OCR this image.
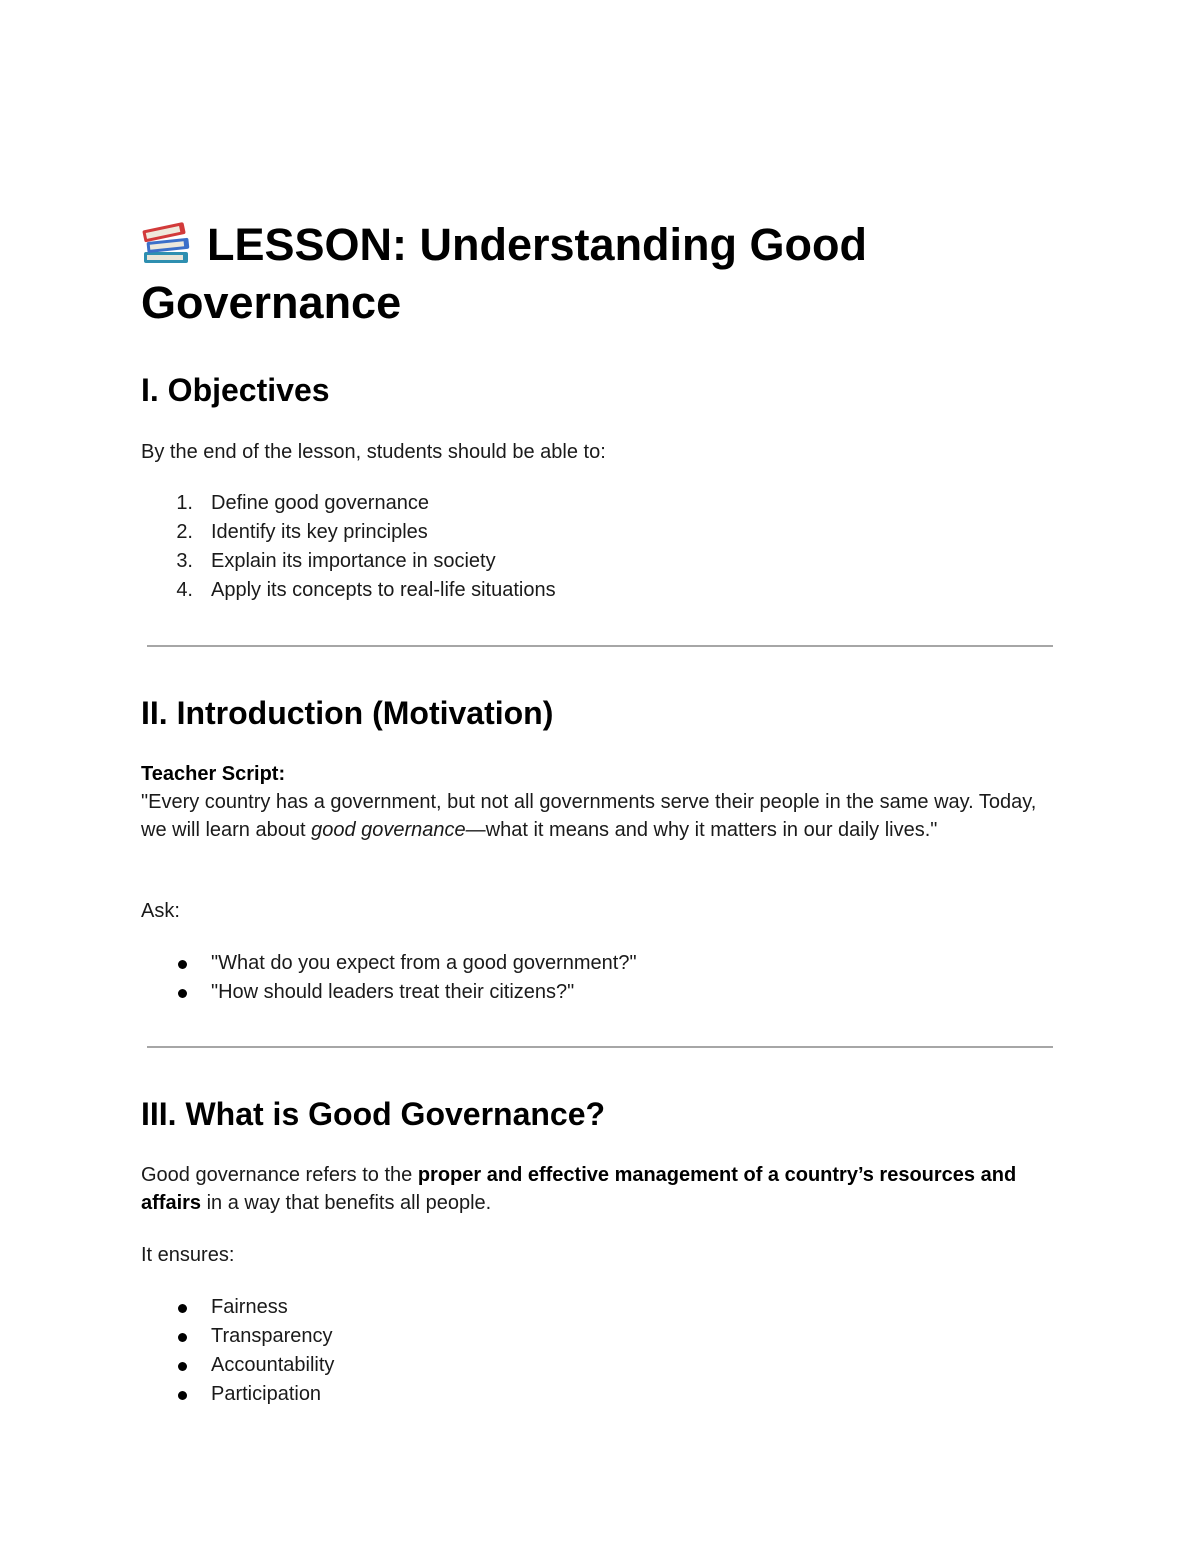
LESSON: Understanding Good Governance
I. Objectives

By the end of the lesson, students should be able to:

1. Define good governance
2. Identify its key principles
3. Explain its importance in society
4. Apply its concepts to real-life situations
II. Introduction (Motivation)

Teacher Script:
"Every country has a government, but not all governments serve their people in the same way. Today, we will learn about good governance—what it means and why it matters in our daily lives."

Ask:

"What do you expect from a good government?"
"How should leaders treat their citizens?"
III. What is Good Governance?

Good governance refers to the proper and effective management of a country’s resources and affairs in a way that benefits all people.

It ensures:

Fairness
Transparency
Accountability
Participation
